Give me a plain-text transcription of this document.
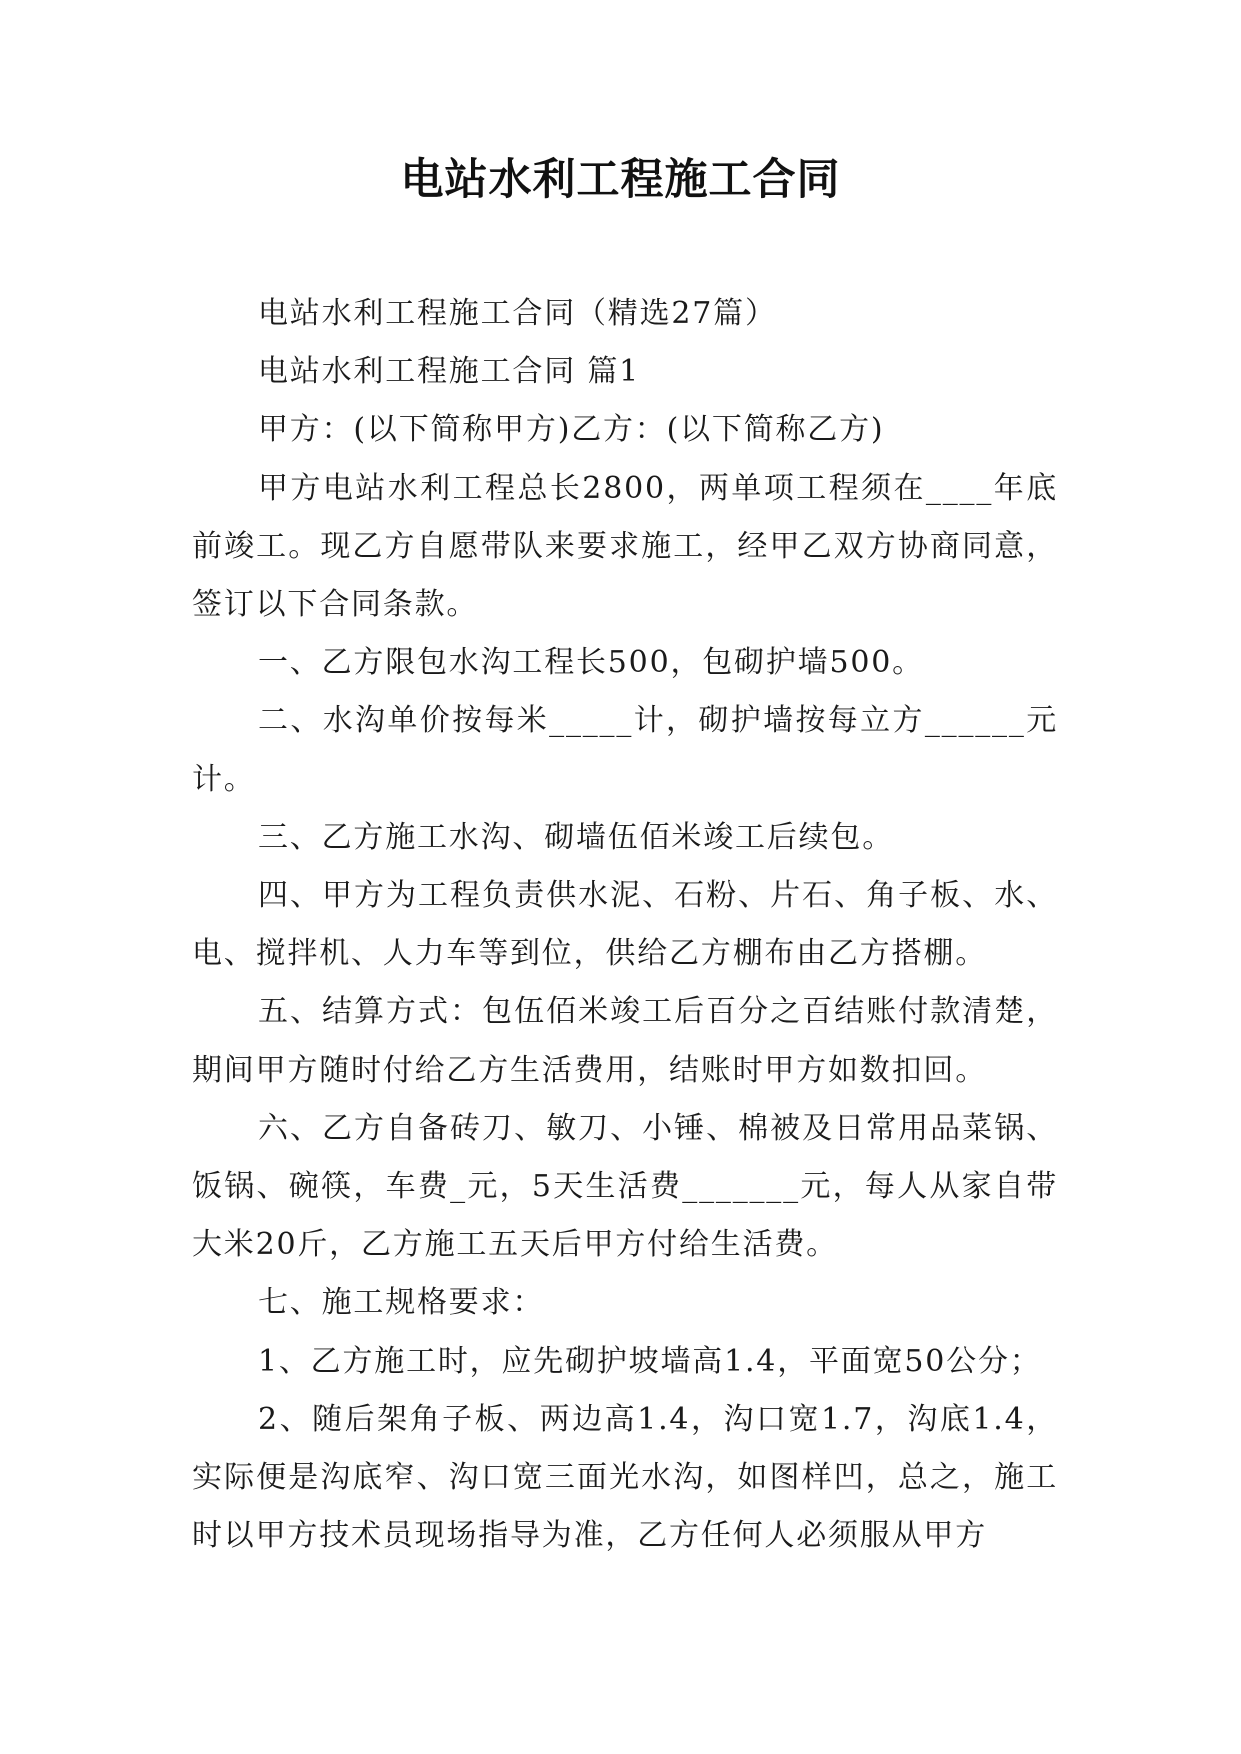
电站水利工程施工合同

电站水利工程施工合同（精选27篇）

电站水利工程施工合同 篇1

甲方：(以下简称甲方)乙方：(以下简称乙方)

甲方电站水利工程总长2800，两单项工程须在____年底前竣工。现乙方自愿带队来要求施工，经甲乙双方协商同意，签订以下合同条款。

一、乙方限包水沟工程长500，包砌护墙500。

二、水沟单价按每米_____计，砌护墙按每立方______元计。

三、乙方施工水沟、砌墙伍佰米竣工后续包。

四、甲方为工程负责供水泥、石粉、片石、角子板、水、电、搅拌机、人力车等到位，供给乙方棚布由乙方搭棚。

五、结算方式：包伍佰米竣工后百分之百结账付款清楚，期间甲方随时付给乙方生活费用，结账时甲方如数扣回。

六、乙方自备砖刀、敏刀、小锤、棉被及日常用品菜锅、饭锅、碗筷，车费_元，5天生活费_______元，每人从家自带大米20斤，乙方施工五天后甲方付给生活费。

七、施工规格要求：

1、乙方施工时，应先砌护坡墙高1.4，平面宽50公分；

2、随后架角子板、两边高1.4，沟口宽1.7，沟底1.4，实际便是沟底窄、沟口宽三面光水沟，如图样凹，总之，施工时以甲方技术员现场指导为准，乙方任何人必须服从甲方
